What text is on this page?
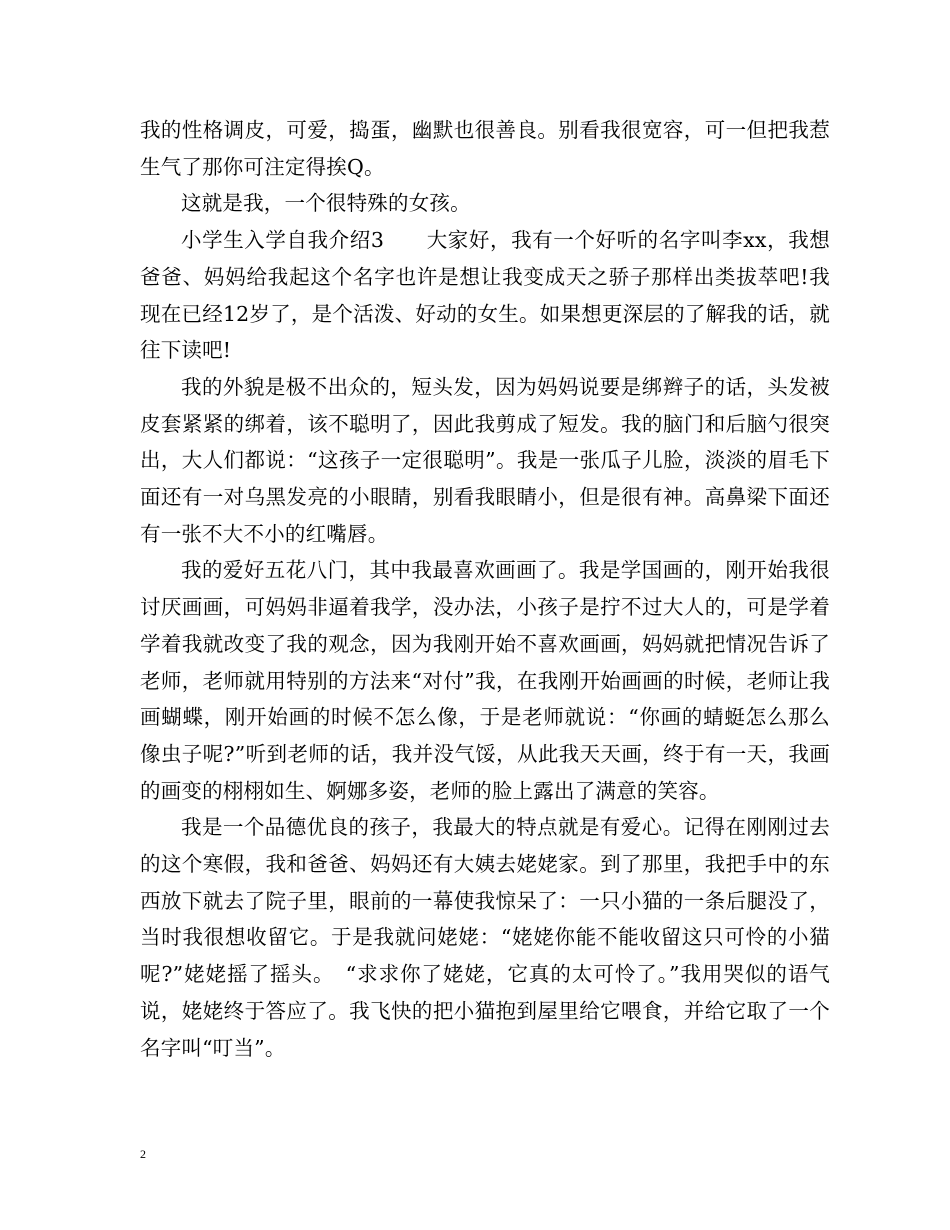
我的性格调皮，可爱，捣蛋，幽默也很善良。别看我很宽容，可一但把我惹生气了那你可注定得挨Q。

这就是我，一个很特殊的女孩。

小学生入学自我介绍3　　大家好，我有一个好听的名字叫李xx，我想爸爸、妈妈给我起这个名字也许是想让我变成天之骄子那样出类拔萃吧!我现在已经12岁了，是个活泼、好动的女生。如果想更深层的了解我的话，就往下读吧!

我的外貌是极不出众的，短头发，因为妈妈说要是绑辫子的话，头发被皮套紧紧的绑着，该不聪明了，因此我剪成了短发。我的脑门和后脑勺很突出，大人们都说：“这孩子一定很聪明”。我是一张瓜子儿脸，淡淡的眉毛下面还有一对乌黑发亮的小眼睛，别看我眼睛小，但是很有神。高鼻梁下面还有一张不大不小的红嘴唇。

我的爱好五花八门，其中我最喜欢画画了。我是学国画的，刚开始我很讨厌画画，可妈妈非逼着我学，没办法，小孩子是拧不过大人的，可是学着学着我就改变了我的观念，因为我刚开始不喜欢画画，妈妈就把情况告诉了老师，老师就用特别的方法来“对付”我，在我刚开始画画的时候，老师让我画蝴蝶，刚开始画的时候不怎么像，于是老师就说：“你画的蜻蜓怎么那么像虫子呢?”听到老师的话，我并没气馁，从此我天天画，终于有一天，我画的画变的栩栩如生、婀娜多姿，老师的脸上露出了满意的笑容。

我是一个品德优良的孩子，我最大的特点就是有爱心。记得在刚刚过去的这个寒假，我和爸爸、妈妈还有大姨去姥姥家。到了那里，我把手中的东西放下就去了院子里，眼前的一幕使我惊呆了：一只小猫的一条后腿没了，当时我很想收留它。于是我就问姥姥：“姥姥你能不能收留这只可怜的小猫呢?”姥姥摇了摇头。　“求求你了姥姥，它真的太可怜了。”我用哭似的语气说，姥姥终于答应了。我飞快的把小猫抱到屋里给它喂食，并给它取了一个名字叫“叮当”。

2
